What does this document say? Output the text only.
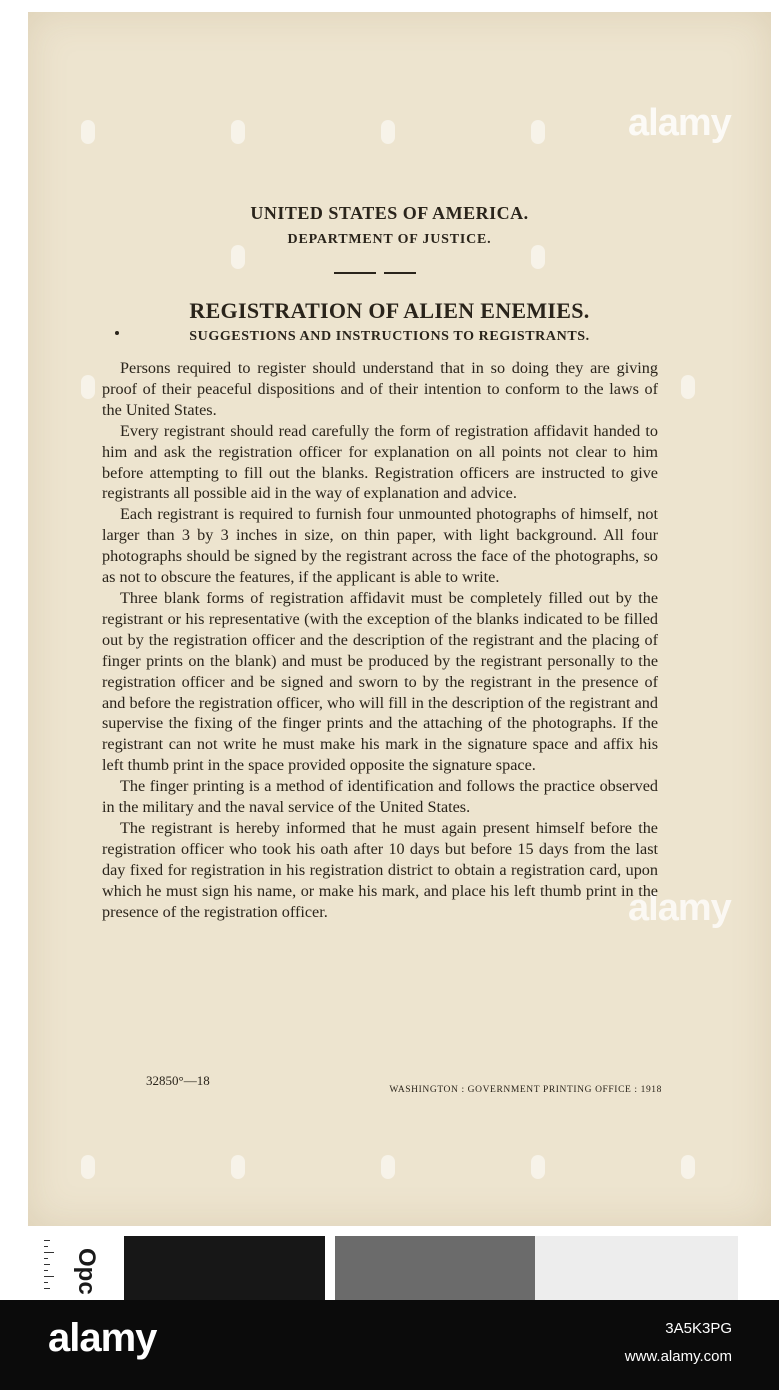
alamy
alamy
UNITED STATES OF AMERICA.
DEPARTMENT OF JUSTICE.
REGISTRATION OF ALIEN ENEMIES.
SUGGESTIONS AND INSTRUCTIONS TO REGISTRANTS.

Persons required to register should understand that in so doing they are giving proof of their peaceful dispositions and of their intention to conform to the laws of the United States.

Every registrant should read carefully the form of registration affidavit handed to him and ask the registration officer for explanation on all points not clear to him before attempting to fill out the blanks. Registration officers are instructed to give registrants all possible aid in the way of explanation and advice.

Each registrant is required to furnish four unmounted photographs of himself, not larger than 3 by 3 inches in size, on thin paper, with light background. All four photographs should be signed by the registrant across the face of the photographs, so as not to obscure the features, if the applicant is able to write.

Three blank forms of registration affidavit must be completely filled out by the registrant or his representative (with the exception of the blanks indicated to be filled out by the registration officer and the description of the registrant and the placing of finger prints on the blank) and must be produced by the registrant personally to the registration officer and be signed and sworn to by the registrant in the presence of and before the registration officer, who will fill in the description of the registrant and supervise the fixing of the finger prints and the attaching of the photographs. If the registrant can not write he must make his mark in the signature space and affix his left thumb print in the space provided opposite the signature space.

The finger printing is a method of identification and follows the practice observed in the military and the naval service of the United States.

The registrant is hereby informed that he must again present himself before the registration officer who took his oath after 10 days but before 15 days from the last day fixed for registration in his registration district to obtain a registration card, upon which he must sign his name, or make his mark, and place his left thumb print in the presence of the registration officer.

32850°—18
WASHINGTON : GOVERNMENT PRINTING OFFICE : 1918
Opc
alamy	3A5K3PG
www.alamy.com
